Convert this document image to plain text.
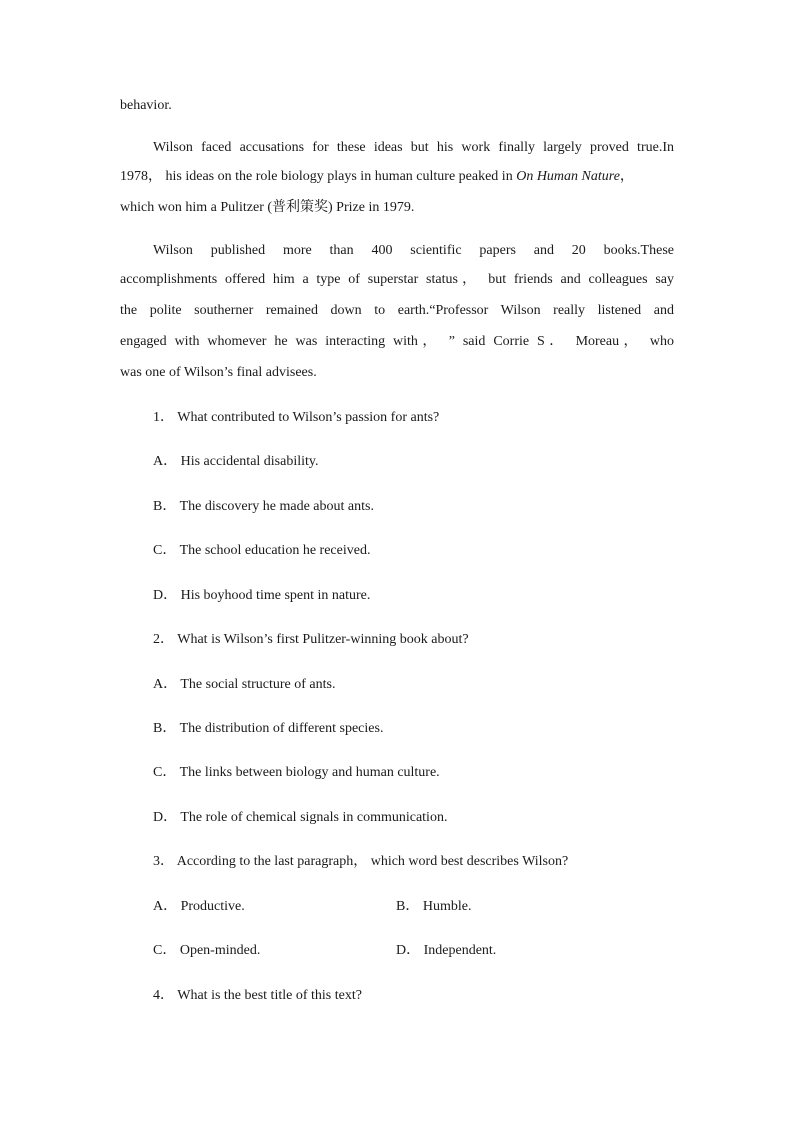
behavior.
Wilson faced accusations for these ideas but his work finally largely proved true.In
1978， his ideas on the role biology plays in human culture peaked in On Human Nature，
which won him a Pulitzer (普利策奖) Prize in 1979.
Wilson published more than 400 scientific papers and 20 books.These
accomplishments offered him a type of superstar status， but friends and colleagues say
the polite southerner remained down to earth.“Professor Wilson really listened and
engaged with whomever he was interacting with， ” said Corrie S． Moreau， who
was one of Wilson’s final advisees.
1． What contributed to Wilson’s passion for ants?
A． His accidental disability.
B． The discovery he made about ants.
C． The school education he received.
D． His boyhood time spent in nature.
2． What is Wilson’s first Pulitzer-winning book about?
A． The social structure of ants.
B． The distribution of different species.
C． The links between biology and human culture.
D． The role of chemical signals in communication.
3． According to the last paragraph， which word best describes Wilson?
A． Productive.	B． Humble.
C． Open-minded.	D． Independent.
4． What is the best title of this text?
